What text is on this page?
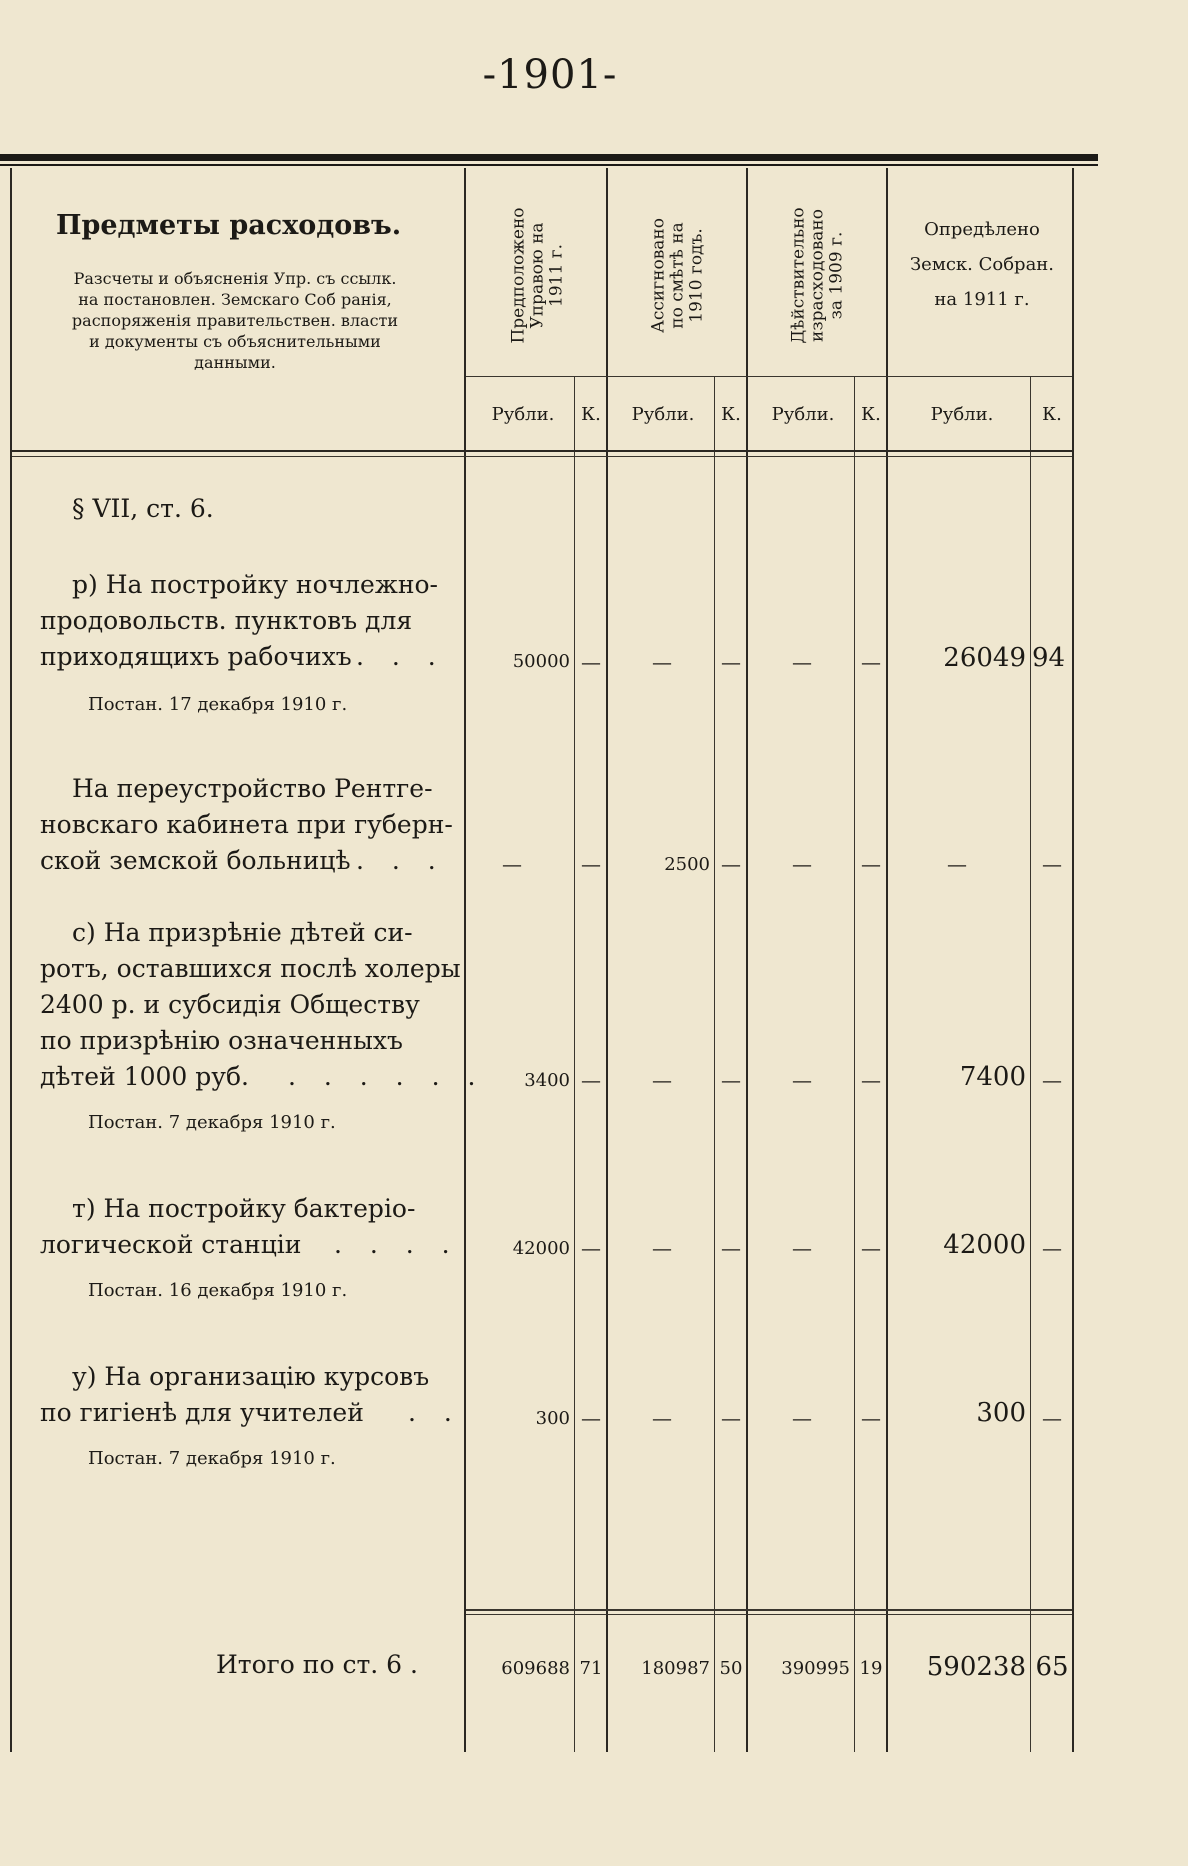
-1901-
Предметы расходовъ.
Разсчеты и объясненія Упр. съ ссылк. на постановлен. Земскаго Соб ранія, распоряженія правительствен. власти и документы съ объяснительными данными.
Предположено
Управою на
1911 г.	Ассигновано
по смѣтѣ на
1910 годъ.	Дѣйствительно
израсходовано
за 1909 г.	Опредѣлено
Земск. Собран.
на 1911 г.
Рубли.	К.	Рубли.	К.	Рубли.	К.	Рубли.	К.
§ VII, ст. 6.
р) На постройку ночлежно-
продовольств. пунктовъ для
приходящихъ рабочихъ . . .
Постан. 17 декабря 1910 г.
50000 —	—	—	—	—	26049 94
На переустройство Рентге-
новскаго кабинета при губерн-
ской земской больницѣ . . .	—	—	2500 —	—	—	—	—
с) На призрѣніе дѣтей си-
ротъ, оставшихся послѣ холеры
2400 р. и субсидія Обществу
по призрѣнію означенныхъ
дѣтей 1000 руб. . . . . . .
Постан. 7 декабря 1910 г.
3400 —	—	—	—	—	7400 —
т) На постройку бактеріо-
логической станціи . . . .
Постан. 16 декабря 1910 г.
42000 —	—	—	—	—	42000 —
у) На организацію курсовъ
по гигіенѣ для учителей . .
Постан. 7 декабря 1910 г.
300 —	—	—	—	—	300 —
Итого по ст. 6 .	609688 71	180987 50	390995 19	590238 65
